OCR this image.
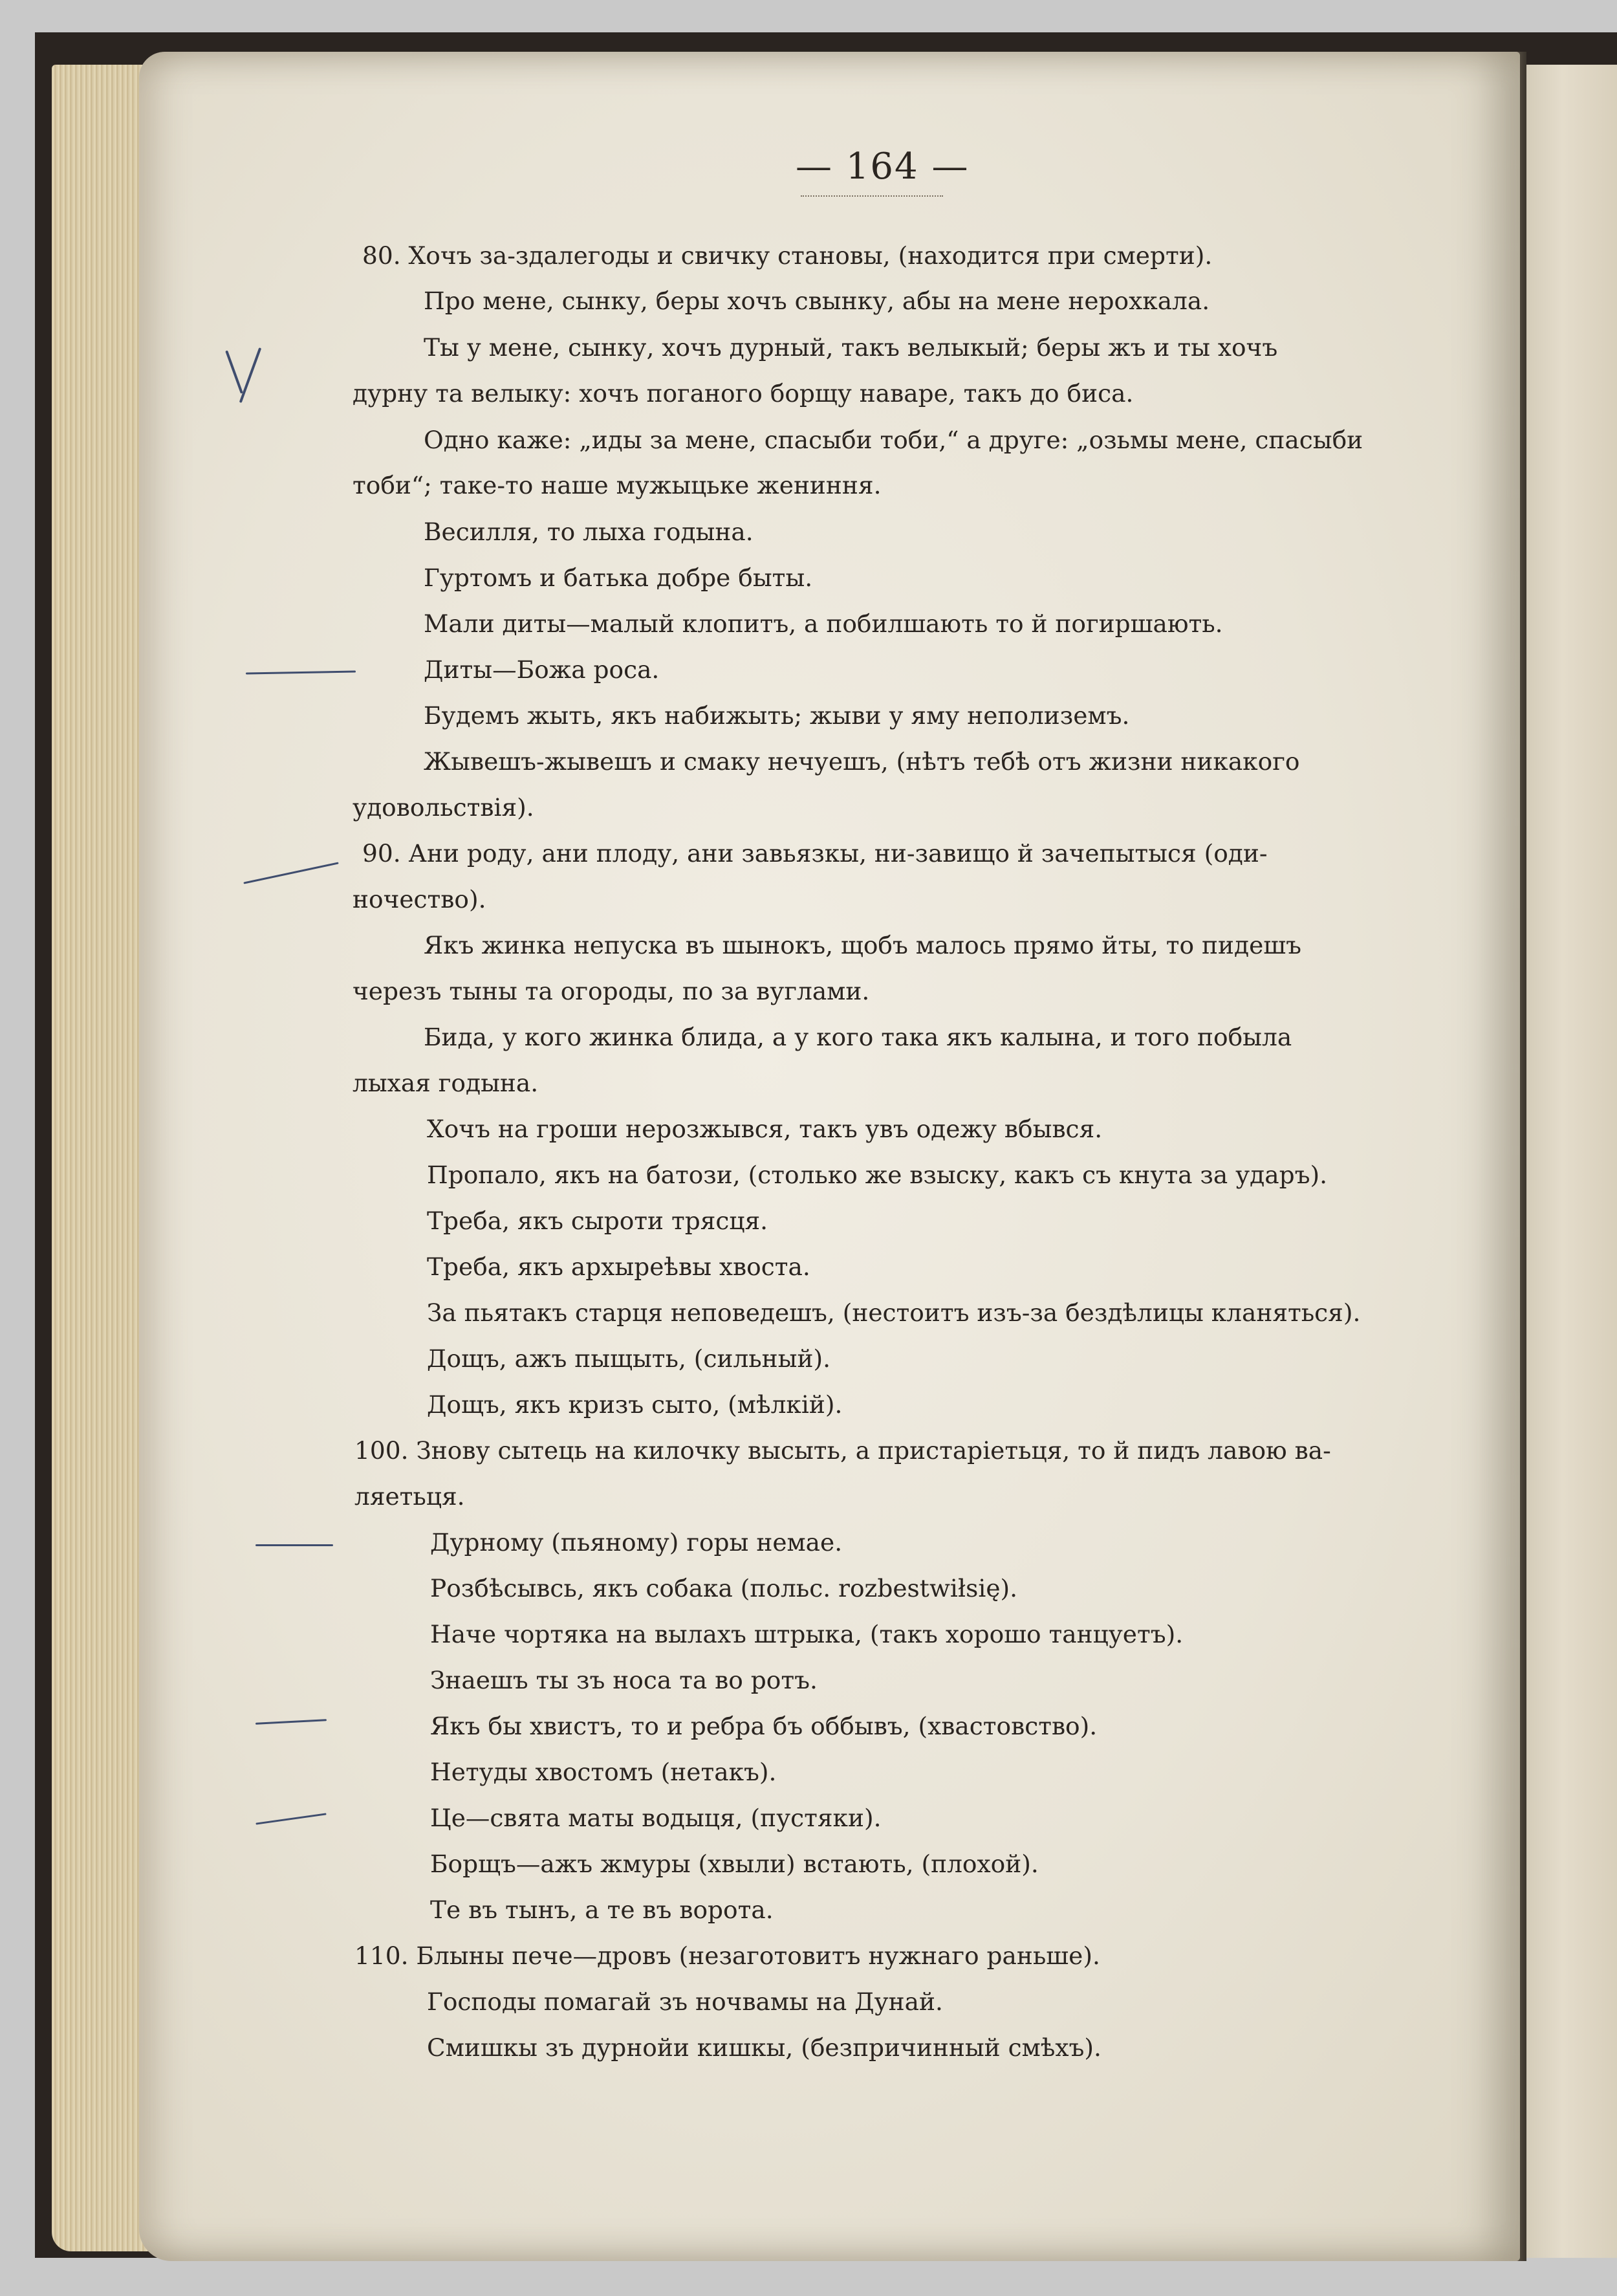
— 164 —
80. Хочъ за-здалегоды и свичку становы, (находится при смерти).
Про мене, сынку, беры хочъ свынку, абы на мене нерохкала.
Ты у мене, сынку, хочъ дурный, такъ велыкый; беры жъ и ты хочъ
дурну та велыку: хочъ поганого борщу наваре, такъ до биса.
Одно каже: „иды за мене, спасыби тоби,“ а друге: „озьмы мене, спасыби
тоби“; таке-то наше мужыцьке жениння.
Весилля, то лыха годына.
Гуртомъ и батька добре быты.
Мали диты—малый клопитъ, а побилшають то й погиршають.
Диты—Божа роса.
Будемъ жыть, якъ набижыть; жыви у яму неполиземъ.
Жывешъ-жывешъ и смаку нечуешъ, (нѣтъ тебѣ отъ жизни никакого
удовольствія).
90. Ани роду, ани плоду, ани завьязкы, ни-завищо й зачепытыся (оди-
ночество).
Якъ жинка непуска въ шынокъ, щобъ малось прямо йты, то пидешъ
черезъ тыны та огороды, по за вуглами.
Бида, у кого жинка блида, а у кого така якъ калына, и того побыла
лыхая годына.
Хочъ на гроши нерозжывся, такъ увъ одежу вбывся.
Пропало, якъ на батози, (столько же взыску, какъ съ кнута за ударъ).
Треба, якъ сыроти трясця.
Треба, якъ архыреѣвы хвоста.
За пьятакъ старця неповедешъ, (нестоитъ изъ-за бездѣлицы кланяться).
Дощъ, ажъ пыщыть, (сильный).
Дощъ, якъ кризъ сыто, (мѣлкій).
100. Знову сытець на килочку высыть, а пристаріетьця, то й пидъ лавою ва-
ляетьця.
Дурному (пьяному) горы немае.
Розбѣсывсь, якъ собака (польс. rozbestwiłsię).
Наче чортяка на вылахъ штрыка, (такъ хорошо танцуетъ).
Знаешъ ты зъ носа та во ротъ.
Якъ бы хвистъ, то и ребра бъ оббывъ, (хвастовство).
Нетуды хвостомъ (нетакъ).
Це—свята маты водыця, (пустяки).
Борщъ—ажъ жмуры (хвыли) встають, (плохой).
Те въ тынъ, а те въ ворота.
110. Блыны пече—дровъ (незаготовитъ нужнаго раньше).
Господы помагай зъ ночвамы на Дунай.
Смишкы зъ дурнойи кишкы, (безпричинный смѣхъ).
